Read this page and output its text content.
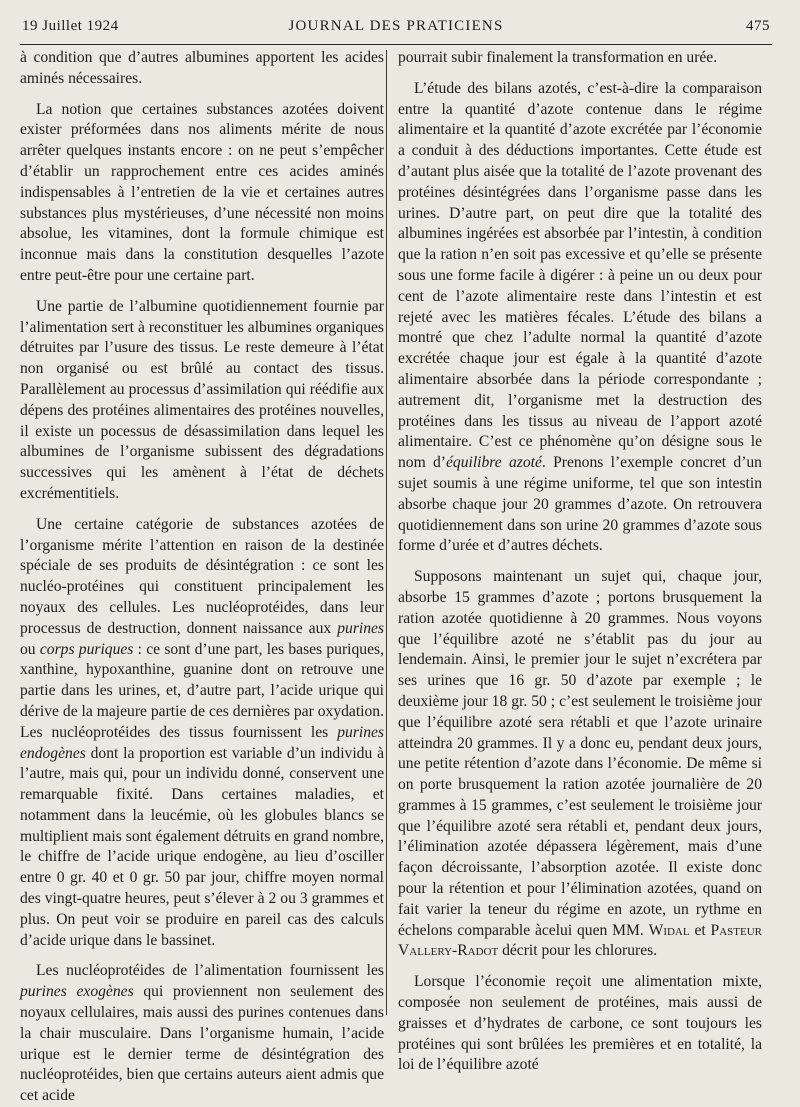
19 Juillet 1924	JOURNAL DES PRATICIENS	475

à condition que d’autres albumines apportent les acides aminés nécessaires.

La notion que certaines substances azotées doivent exister préformées dans nos aliments mérite de nous arrêter quelques instants encore : on ne peut s’empêcher d’établir un rapprochement entre ces acides aminés indispensables à l’entretien de la vie et certaines autres substances plus mystérieuses, d’une nécessité non moins absolue, les vitamines, dont la formule chimique est inconnue mais dans la constitution desquelles l’azote entre peut-être pour une certaine part.

Une partie de l’albumine quotidiennement fournie par l’alimentation sert à reconstituer les albumines organiques détruites par l’usure des tissus. Le reste demeure à l’état non organisé ou est brûlé au contact des tissus. Parallèlement au processus d’assimilation qui réédifie aux dépens des protéines alimentaires des protéines nouvelles, il existe un pocessus de désassimilation dans lequel les albumines de l’organisme subissent des dégradations successives qui les amènent à l’état de déchets excrémentitiels.

Une certaine catégorie de substances azotées de l’organisme mérite l’attention en raison de la destinée spéciale de ses produits de désintégration : ce sont les nucléo-protéines qui constituent principalement les noyaux des cellules. Les nucléoprotéides, dans leur processus de destruction, donnent naissance aux purines ou corps puriques : ce sont d’une part, les bases puriques, xanthine, hypoxanthine, guanine dont on retrouve une partie dans les urines, et, d’autre part, l’acide urique qui dérive de la majeure partie de ces dernières par oxydation. Les nucléoprotéides des tissus fournissent les purines endogènes dont la proportion est variable d’un individu à l’autre, mais qui, pour un individu donné, conservent une remarquable fixité. Dans certaines maladies, et notamment dans la leucémie, où les globules blancs se multiplient mais sont également détruits en grand nombre, le chiffre de l’acide urique endogène, au lieu d’osciller entre 0 gr. 40 et 0 gr. 50 par jour, chiffre moyen normal des vingt-quatre heures, peut s’élever à 2 ou 3 grammes et plus. On peut voir se produire en pareil cas des calculs d’acide urique dans le bassinet.

Les nucléoprotéides de l’alimentation fournissent les purines exogènes qui proviennent non seulement des noyaux cellulaires, mais aussi des purines contenues dans la chair musculaire. Dans l’organisme humain, l’acide urique est le dernier terme de désintégration des nucléoprotéides, bien que certains auteurs aient admis que cet acide

pourrait subir finalement la transformation en urée.

L’étude des bilans azotés, c’est-à-dire la comparaison entre la quantité d’azote contenue dans le régime alimentaire et la quantité d’azote excrétée par l’économie a conduit à des déductions importantes. Cette étude est d’autant plus aisée que la totalité de l’azote provenant des protéines désintégrées dans l’organisme passe dans les urines. D’autre part, on peut dire que la totalité des albumines ingérées est absorbée par l’intestin, à condition que la ration n’en soit pas excessive et qu’elle se présente sous une forme facile à digérer : à peine un ou deux pour cent de l’azote alimentaire reste dans l’intestin et est rejeté avec les matières fécales. L’étude des bilans a montré que chez l’adulte normal la quantité d’azote excrétée chaque jour est égale à la quantité d’azote alimentaire absorbée dans la période correspondante ; autrement dit, l’organisme met la destruction des protéines dans les tissus au niveau de l’apport azoté alimentaire. C’est ce phénomène qu’on désigne sous le nom d’équilibre azoté. Prenons l’exemple concret d’un sujet soumis à une régime uniforme, tel que son intestin absorbe chaque jour 20 grammes d’azote. On retrouvera quotidiennement dans son urine 20 grammes d’azote sous forme d’urée et d’autres déchets.

Supposons maintenant un sujet qui, chaque jour, absorbe 15 grammes d’azote ; portons brusquement la ration azotée quotidienne à 20 grammes. Nous voyons que l’équilibre azoté ne s’établit pas du jour au lendemain. Ainsi, le premier jour le sujet n’excrétera par ses urines que 16 gr. 50 d’azote par exemple ; le deuxième jour 18 gr. 50 ; c’est seulement le troisième jour que l’équilibre azoté sera rétabli et que l’azote urinaire atteindra 20 grammes. Il y a donc eu, pendant deux jours, une petite rétention d’azote dans l’économie. De même si on porte brusquement la ration azotée journalière de 20 grammes à 15 grammes, c’est seulement le troisième jour que l’équilibre azoté sera rétabli et, pendant deux jours, l’élimination azotée dépassera légèrement, mais d’une façon décroissante, l’absorption azotée. Il existe donc pour la rétention et pour l’élimination azotées, quand on fait varier la teneur du régime en azote, un rythme en échelons comparable àcelui quen MM. Widal et Pasteur Vallery-Radot décrit pour les chlorures.

Lorsque l’économie reçoit une alimentation mixte, composée non seulement de protéines, mais aussi de graisses et d’hydrates de carbone, ce sont toujours les protéines qui sont brûlées les premières et en totalité, la loi de l’équilibre azoté
